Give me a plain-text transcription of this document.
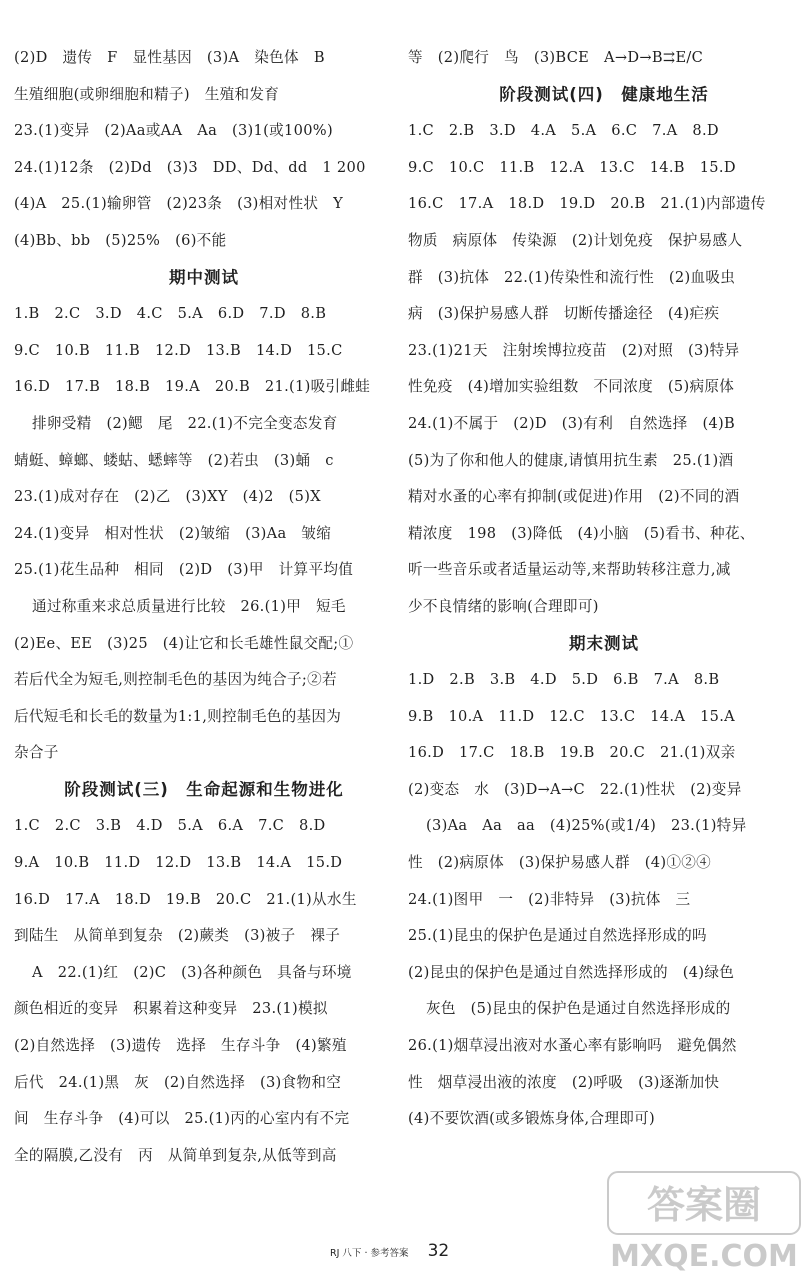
(2)D　遗传　F　显性基因　(3)A　染色体　B
生殖细胞(或卵细胞和精子)　生殖和发育
23.(1)变异　(2)Aa或AA　Aa　(3)1(或100%)
24.(1)12条　(2)Dd　(3)3　DD、Dd、dd　1 200
(4)A　25.(1)输卵管　(2)23条　(3)相对性状　Y
(4)Bb、bb　(5)25%　(6)不能
期中测试
1.B　2.C　3.D　4.C　5.A　6.D　7.D　8.B
9.C　10.B　11.B　12.D　13.B　14.D　15.C
16.D　17.B　18.B　19.A　20.B　21.(1)吸引雌蛙
排卵受精　(2)鳃　尾　22.(1)不完全变态发育
蜻蜓、蟑螂、蝼蛄、蟋蟀等　(2)若虫　(3)蛹　c
23.(1)成对存在　(2)乙　(3)XY　(4)2　(5)X
24.(1)变异　相对性状　(2)皱缩　(3)Aa　皱缩
25.(1)花生品种　相同　(2)D　(3)甲　计算平均值
通过称重来求总质量进行比较　26.(1)甲　短毛
(2)Ee、EE　(3)25　(4)让它和长毛雄性鼠交配;①
若后代全为短毛,则控制毛色的基因为纯合子;②若
后代短毛和长毛的数量为1:1,则控制毛色的基因为
杂合子
阶段测试(三)　生命起源和生物进化
1.C　2.C　3.B　4.D　5.A　6.A　7.C　8.D
9.A　10.B　11.D　12.D　13.B　14.A　15.D
16.D　17.A　18.D　19.B　20.C　21.(1)从水生
到陆生　从简单到复杂　(2)蕨类　(3)被子　裸子
A　22.(1)红　(2)C　(3)各种颜色　具备与环境
颜色相近的变异　积累着这种变异　23.(1)模拟
(2)自然选择　(3)遗传　选择　生存斗争　(4)繁殖
后代　24.(1)黑　灰　(2)自然选择　(3)食物和空
间　生存斗争　(4)可以　25.(1)丙的心室内有不完
全的隔膜,乙没有　丙　从简单到复杂,从低等到高
等　(2)爬行　鸟　(3)BCE　A→D→B⇉E/C
阶段测试(四)　健康地生活
1.C　2.B　3.D　4.A　5.A　6.C　7.A　8.D
9.C　10.C　11.B　12.A　13.C　14.B　15.D
16.C　17.A　18.D　19.D　20.B　21.(1)内部遗传
物质　病原体　传染源　(2)计划免疫　保护易感人
群　(3)抗体　22.(1)传染性和流行性　(2)血吸虫
病　(3)保护易感人群　切断传播途径　(4)疟疾
23.(1)21天　注射埃博拉疫苗　(2)对照　(3)特异
性免疫　(4)增加实验组数　不同浓度　(5)病原体
24.(1)不属于　(2)D　(3)有利　自然选择　(4)B
(5)为了你和他人的健康,请慎用抗生素　25.(1)酒
精对水蚤的心率有抑制(或促进)作用　(2)不同的酒
精浓度　198　(3)降低　(4)小脑　(5)看书、种花、
听一些音乐或者适量运动等,来帮助转移注意力,减
少不良情绪的影响(合理即可)
期末测试
1.D　2.B　3.B　4.D　5.D　6.B　7.A　8.B
9.B　10.A　11.D　12.C　13.C　14.A　15.A
16.D　17.C　18.B　19.B　20.C　21.(1)双亲
(2)变态　水　(3)D→A→C　22.(1)性状　(2)变异
(3)Aa　Aa　aa　(4)25%(或1/4)　23.(1)特异
性　(2)病原体　(3)保护易感人群　(4)①②④
24.(1)图甲　一　(2)非特异　(3)抗体　三
25.(1)昆虫的保护色是通过自然选择形成的吗
(2)昆虫的保护色是通过自然选择形成的　(4)绿色
灰色　(5)昆虫的保护色是通过自然选择形成的
26.(1)烟草浸出液对水蚤心率有影响吗　避免偶然
性　烟草浸出液的浓度　(2)呼吸　(3)逐渐加快
(4)不要饮酒(或多锻炼身体,合理即可)
RJ 八下 · 参考答案 32
答案圈
MXQE.COM
